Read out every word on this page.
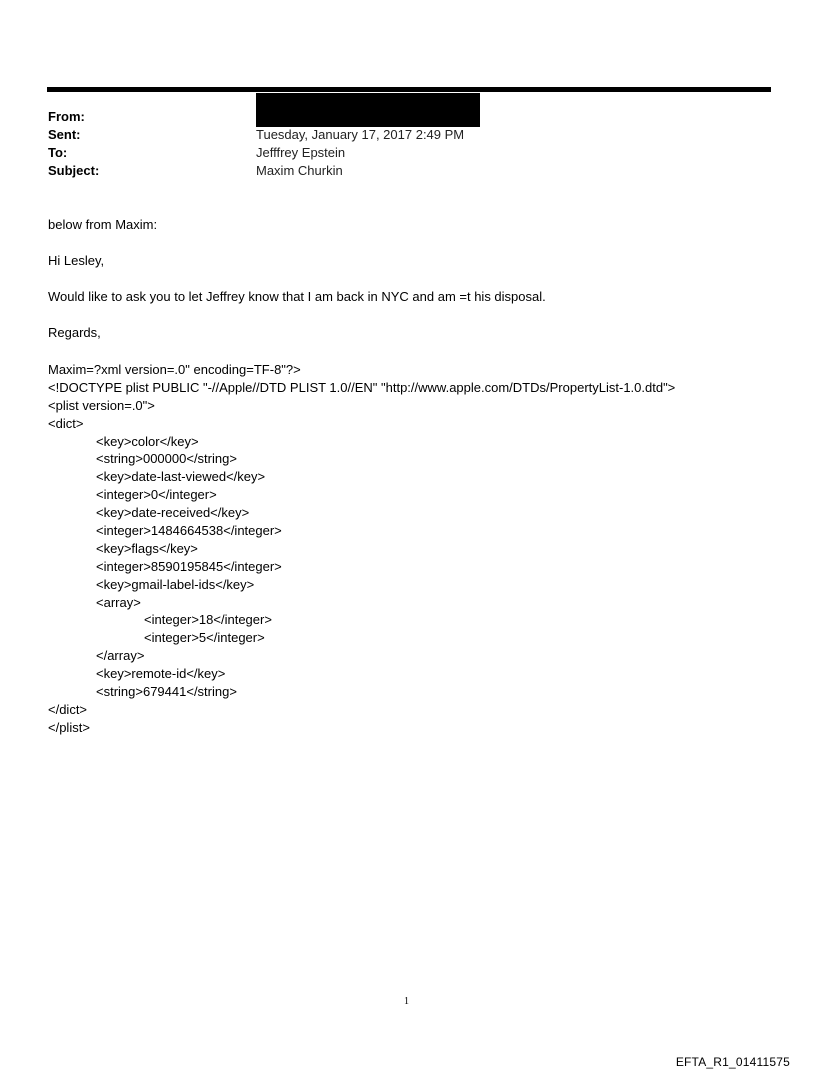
From:
Sent:	Tuesday, January 17, 2017 2:49 PM
To:	Jefffrey Epstein
Subject:	Maxim Churkin
below from Maxim:
Hi Lesley,
Would like to ask you to let Jeffrey know that I am back in NYC and am =t his disposal.
Regards,
Maxim=?xml version=.0" encoding=TF-8"?>
<!DOCTYPE plist PUBLIC "-//Apple//DTD PLIST 1.0//EN" "http://www.apple.com/DTDs/PropertyList-1.0.dtd">
<plist version=.0">
<dict>
<key>color</key>
<string>000000</string>
<key>date-last-viewed</key>
<integer>0</integer>
<key>date-received</key>
<integer>1484664538</integer>
<key>flags</key>
<integer>8590195845</integer>
<key>gmail-label-ids</key>
<array>
<integer>18</integer>
<integer>5</integer>
</array>
<key>remote-id</key>
<string>679441</string>
</dict>
</plist>
1
EFTA_R1_01411575
